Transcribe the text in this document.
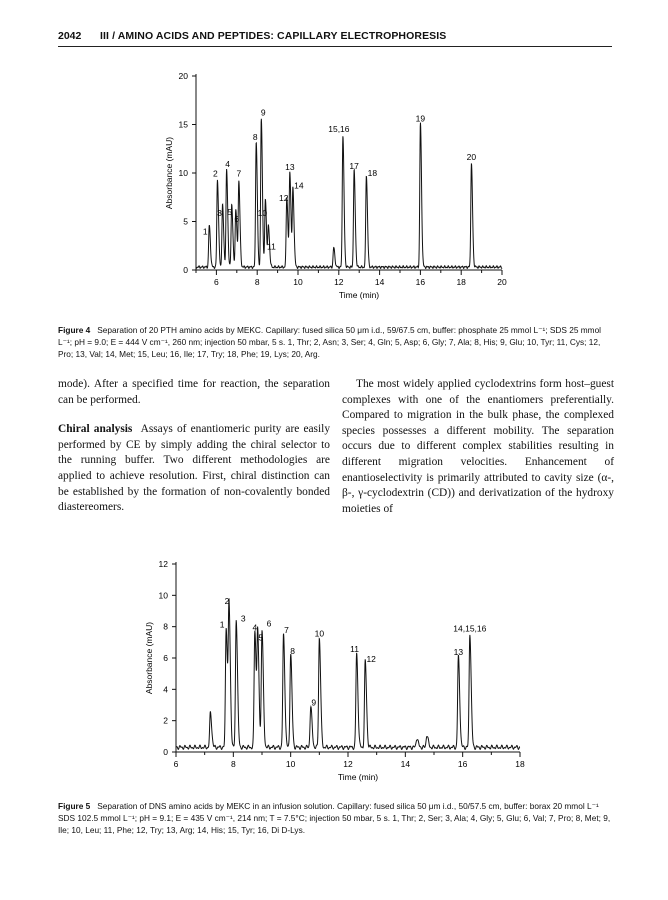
2042 III / AMINO ACIDS AND PEPTIDES: CAPILLARY ELECTROPHORESIS
0
5
10
15
20
6	8	10	12	14	16	18	20
Time (min)
Absorbance (mAU)
1
2
3
4
5
6
7
8
9
10
11
12
13
14
15,16
17
18
19
20
Figure 4 Separation of 20 PTH amino acids by MEKC. Capillary: fused silica 50 μm i.d., 59/67.5 cm, buffer: phosphate 25 mmol L⁻¹; SDS 25 mmol L⁻¹; pH = 9.0; E = 444 V cm⁻¹, 260 nm; injection 50 mbar, 5 s. 1, Thr; 2, Asn; 3, Ser; 4, Gln; 5, Asp; 6, Gly; 7, Ala; 8, His; 9, Glu; 10, Tyr; 11, Cys; 12, Pro; 13, Val; 14, Met; 15, Leu; 16, Ile; 17, Try; 18, Phe; 19, Lys; 20, Arg.

mode). After a specified time for reaction, the separation can be performed.

Chiral analysis Assays of enantiomeric purity are easily performed by CE by simply adding the chiral selector to the running buffer. Two different methodologies are applied to achieve resolution. First, chiral distinction can be established by the formation of non-covalently bonded diastereomers.

The most widely applied cyclodextrins form host–guest complexes with one of the enantiomers preferentially. Compared to migration in the bulk phase, the complexed species possesses a different mobility. The separation occurs due to different complex stabilities resulting in different migration velocities. Enhancement of enantioselectivity is primarily attributed to cavity size (α-, β-, γ-cyclodextrin (CD)) and derivatization of the hydroxy moieties of

0
2
4
6
8
10
12
6	8	10	12	14	16	18
Time (min)
Absorbance (mAU)	1
2
3
4
5
6
7
8
9
10
11
12
13
14,15,16
Figure 5 Separation of DNS amino acids by MEKC in an infusion solution. Capillary: fused silica 50 μm i.d., 50/57.5 cm, buffer: borax 20 mmol L⁻¹ SDS 102.5 mmol L⁻¹; pH = 9.1; E = 435 V cm⁻¹, 214 nm; T = 7.5°C; injection 50 mbar, 5 s. 1, Thr; 2, Ser; 3, Ala; 4, Gly; 5, Glu; 6, Val; 7, Pro; 8, Met; 9, Ile; 10, Leu; 11, Phe; 12, Try; 13, Arg; 14, His; 15, Tyr; 16, Di D-Lys.
